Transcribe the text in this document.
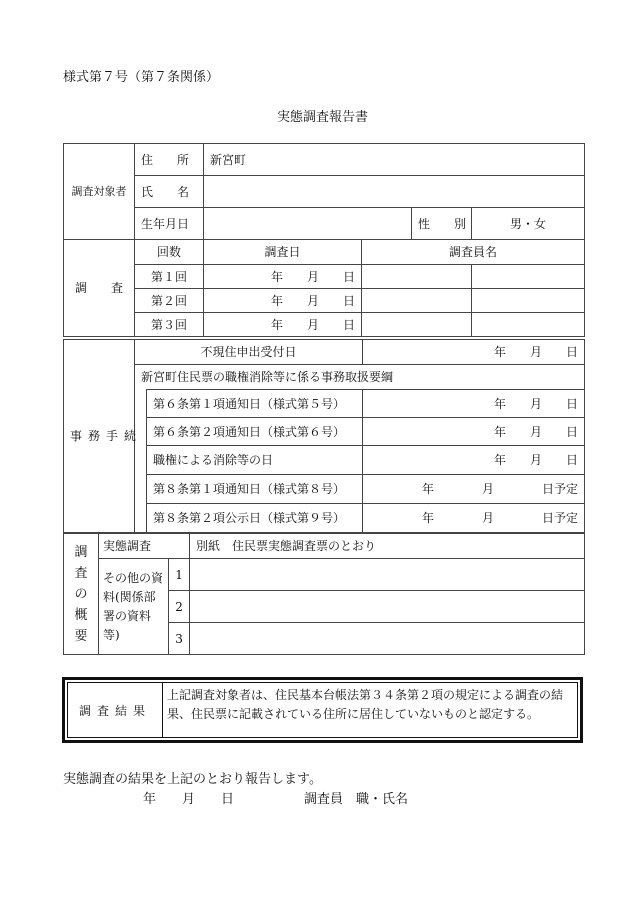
様式第７号（第７条関係）
実態調査報告書
調査対象者	住　　所	新宮町			
	氏　　名				
	生年月日			性　　別	男・女
調　　査	回数	調査日	調査員名		
	第１回	年　　月　　日			
	第２回	年　　月　　日			
	第３回	年　　月　　日			
事務手続	不現住申出受付日		年　　月　　日
	新宮町住民票の職権消除等に係る事務取扱要綱		
		第６条第１項通知日（様式第５号）	年　　月　　日
		第６条第２項通知日（様式第６号）	年　　月　　日
		職権による消除等の日	年　　月　　日
		第８条第１項通知日（様式第８号）	年　　　　月　　　　日予定
		第８条第２項公示日（様式第９号）	年　　　　月　　　　日予定
調査の概要	実態調査		別紙　住民票実態調査票のとおり
	その他の資料(関係部署の資料等)	1	
		2	
		3	
調査結果
上記調査対象者は、住民基本台帳法第３４条第２項の規定による調査の結果、住民票に記載されている住所に居住していないものと認定する。
実態調査の結果を上記のとおり報告します。
年　　月　　日	調査員　職・氏名
